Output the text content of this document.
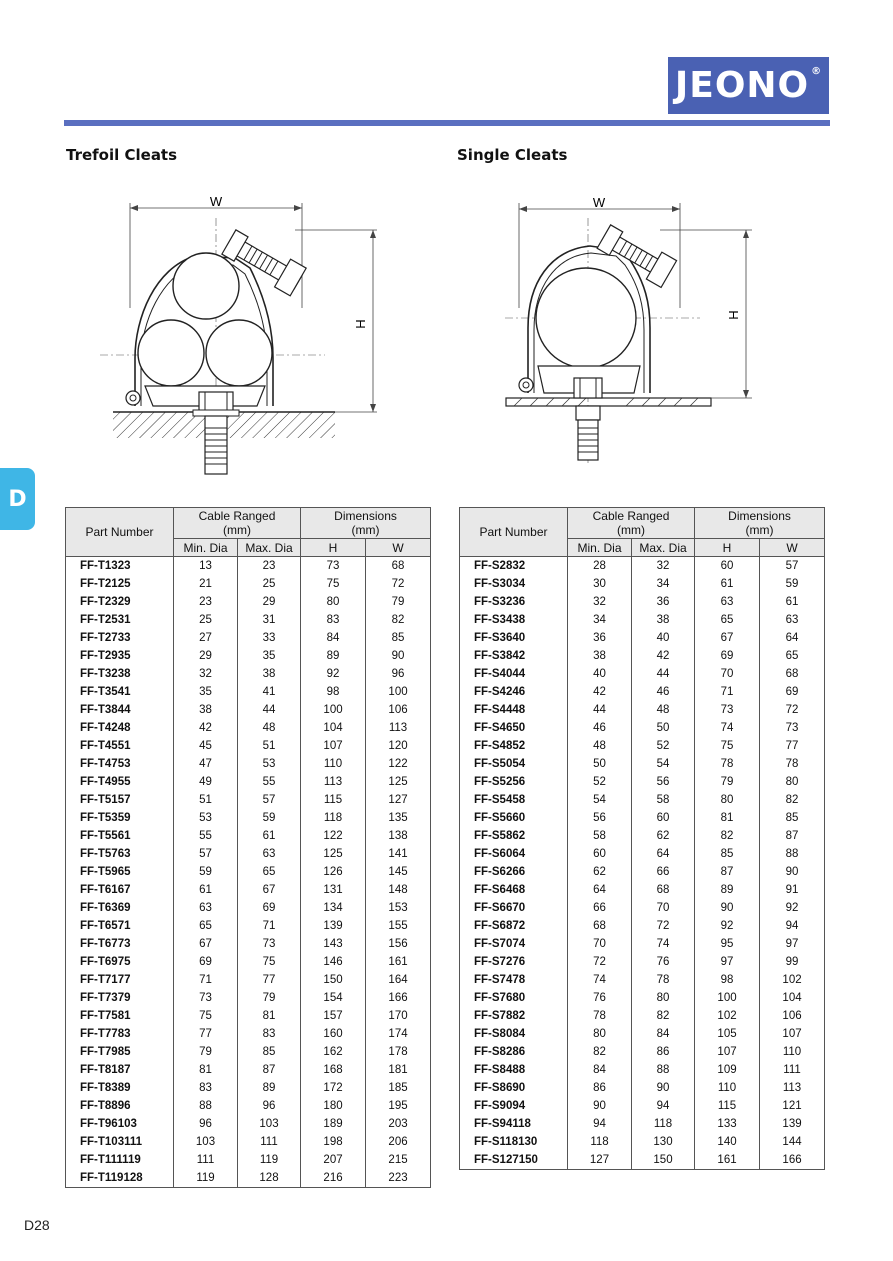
JEONO®
Trefoil Cleats	Single Cleats
D
W
H
W
H
Part Number	Cable Ranged
(mm)		Dimensions
(mm)	
	Min. Dia	Max. Dia	H	W
FF-T1323	13	23	73	68
FF-T2125	21	25	75	72
FF-T2329	23	29	80	79
FF-T2531	25	31	83	82
FF-T2733	27	33	84	85
FF-T2935	29	35	89	90
FF-T3238	32	38	92	96
FF-T3541	35	41	98	100
FF-T3844	38	44	100	106
FF-T4248	42	48	104	113
FF-T4551	45	51	107	120
FF-T4753	47	53	110	122
FF-T4955	49	55	113	125
FF-T5157	51	57	115	127
FF-T5359	53	59	118	135
FF-T5561	55	61	122	138
FF-T5763	57	63	125	141
FF-T5965	59	65	126	145
FF-T6167	61	67	131	148
FF-T6369	63	69	134	153
FF-T6571	65	71	139	155
FF-T6773	67	73	143	156
FF-T6975	69	75	146	161
FF-T7177	71	77	150	164
FF-T7379	73	79	154	166
FF-T7581	75	81	157	170
FF-T7783	77	83	160	174
FF-T7985	79	85	162	178
FF-T8187	81	87	168	181
FF-T8389	83	89	172	185
FF-T8896	88	96	180	195
FF-T96103	96	103	189	203
FF-T103111	103	111	198	206
FF-T111119	111	119	207	215
FF-T119128	119	128	216	223
Part Number	Cable Ranged
(mm)		Dimensions
(mm)	
	Min. Dia	Max. Dia	H	W
FF-S2832	28	32	60	57
FF-S3034	30	34	61	59
FF-S3236	32	36	63	61
FF-S3438	34	38	65	63
FF-S3640	36	40	67	64
FF-S3842	38	42	69	65
FF-S4044	40	44	70	68
FF-S4246	42	46	71	69
FF-S4448	44	48	73	72
FF-S4650	46	50	74	73
FF-S4852	48	52	75	77
FF-S5054	50	54	78	78
FF-S5256	52	56	79	80
FF-S5458	54	58	80	82
FF-S5660	56	60	81	85
FF-S5862	58	62	82	87
FF-S6064	60	64	85	88
FF-S6266	62	66	87	90
FF-S6468	64	68	89	91
FF-S6670	66	70	90	92
FF-S6872	68	72	92	94
FF-S7074	70	74	95	97
FF-S7276	72	76	97	99
FF-S7478	74	78	98	102
FF-S7680	76	80	100	104
FF-S7882	78	82	102	106
FF-S8084	80	84	105	107
FF-S8286	82	86	107	110
FF-S8488	84	88	109	111
FF-S8690	86	90	110	113
FF-S9094	90	94	115	121
FF-S94118	94	118	133	139
FF-S118130	118	130	140	144
FF-S127150	127	150	161	166
D28
